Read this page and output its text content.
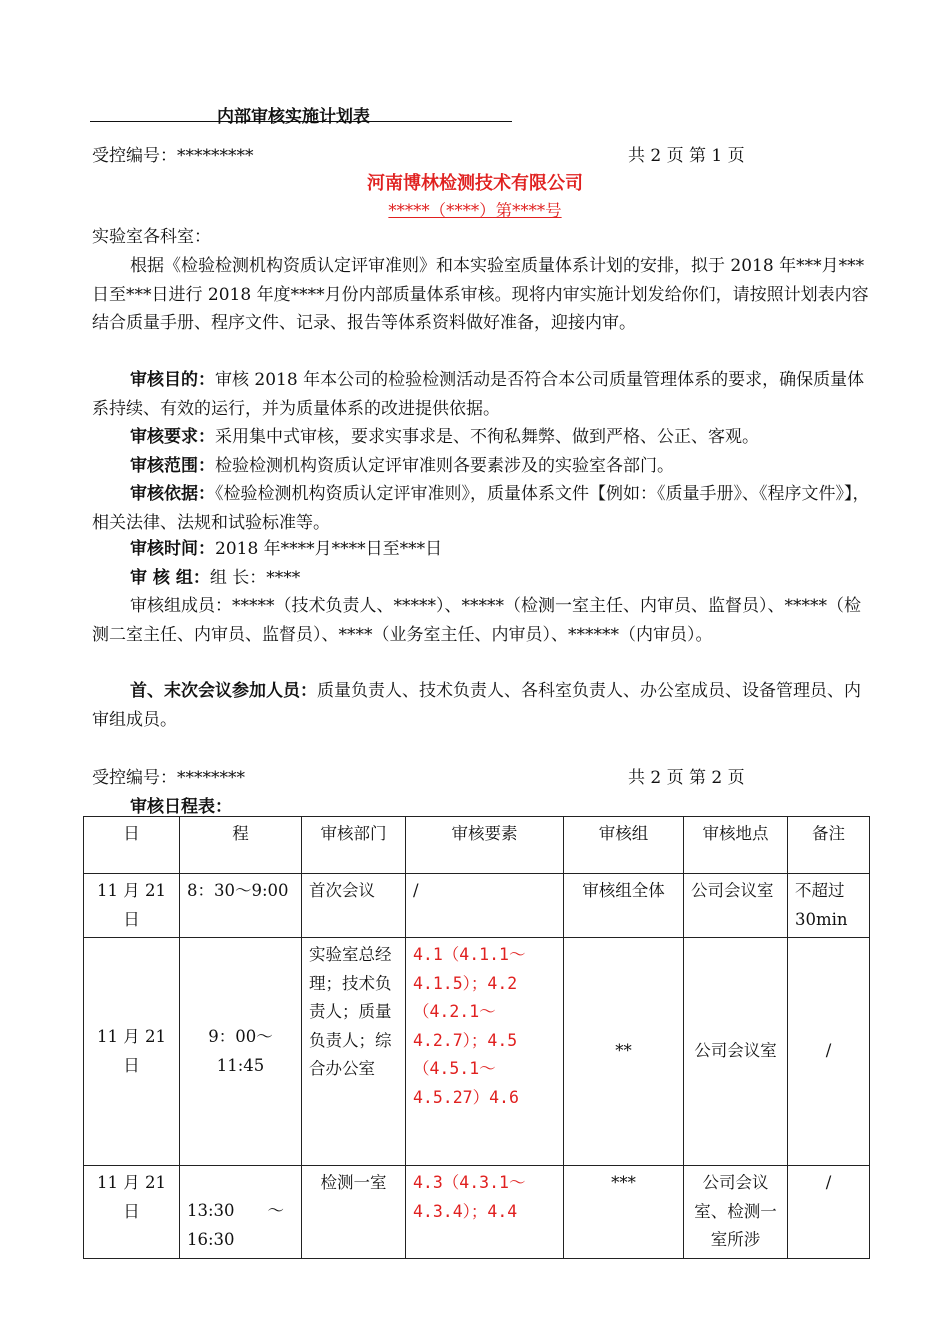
内部审核实施计划表
受控编号：*********	共 2 页 第 1 页
河南博林检测技术有限公司
*****（****）第****号
实验室各科室：
根据《检验检测机构资质认定评审准则》和本实验室质量体系计划的安排，拟于 2018 年***月***日至***日进行 2018 年度****月份内部质量体系审核。现将内审实施计划发给你们，请按照计划表内容结合质量手册、程序文件、记录、报告等体系资料做好准备，迎接内审。
审核目的：审核 2018 年本公司的检验检测活动是否符合本公司质量管理体系的要求，确保质量体系持续、有效的运行，并为质量体系的改进提供依据。
审核要求：采用集中式审核，要求实事求是、不徇私舞弊、做到严格、公正、客观。
审核范围：检验检测机构资质认定评审准则各要素涉及的实验室各部门。
审核依据：《检验检测机构资质认定评审准则》，质量体系文件【例如：《质量手册》、《程序文件》】，相关法律、法规和试验标准等。
审核时间：2018 年****月****日至***日
审 核 组：组 长：****
审核组成员：*****（技术负责人、*****）、*****（检测一室主任、内审员、监督员）、*****（检测二室主任、内审员、监督员）、****（业务室主任、内审员）、******（内审员）。
首、末次会议参加人员：质量负责人、技术负责人、各科室负责人、办公室成员、设备管理员、内审组成员。
受控编号：********	共 2 页 第 2 页
审核日程表：
日	程	审核部门	审核要素	审核组	审核地点	备注
11 月 21 日	8：30～9:00	首次会议	/	审核组全体	公司会议室	不超过 30min
11 月 21 日	9：00～11:45	实验室总经理；技术负责人；质量负责人；综合办公室	4.1（4.1.1～4.1.5）；4.2（4.2.1～4.2.7）；4.5（4.5.1～4.5.27）4.6	**	公司会议室	/
11 月 21 日	13:30　　～16:30	检测一室	4.3（4.3.1～4.3.4）；4.4	***	公司会议室、检测一室所涉	/
